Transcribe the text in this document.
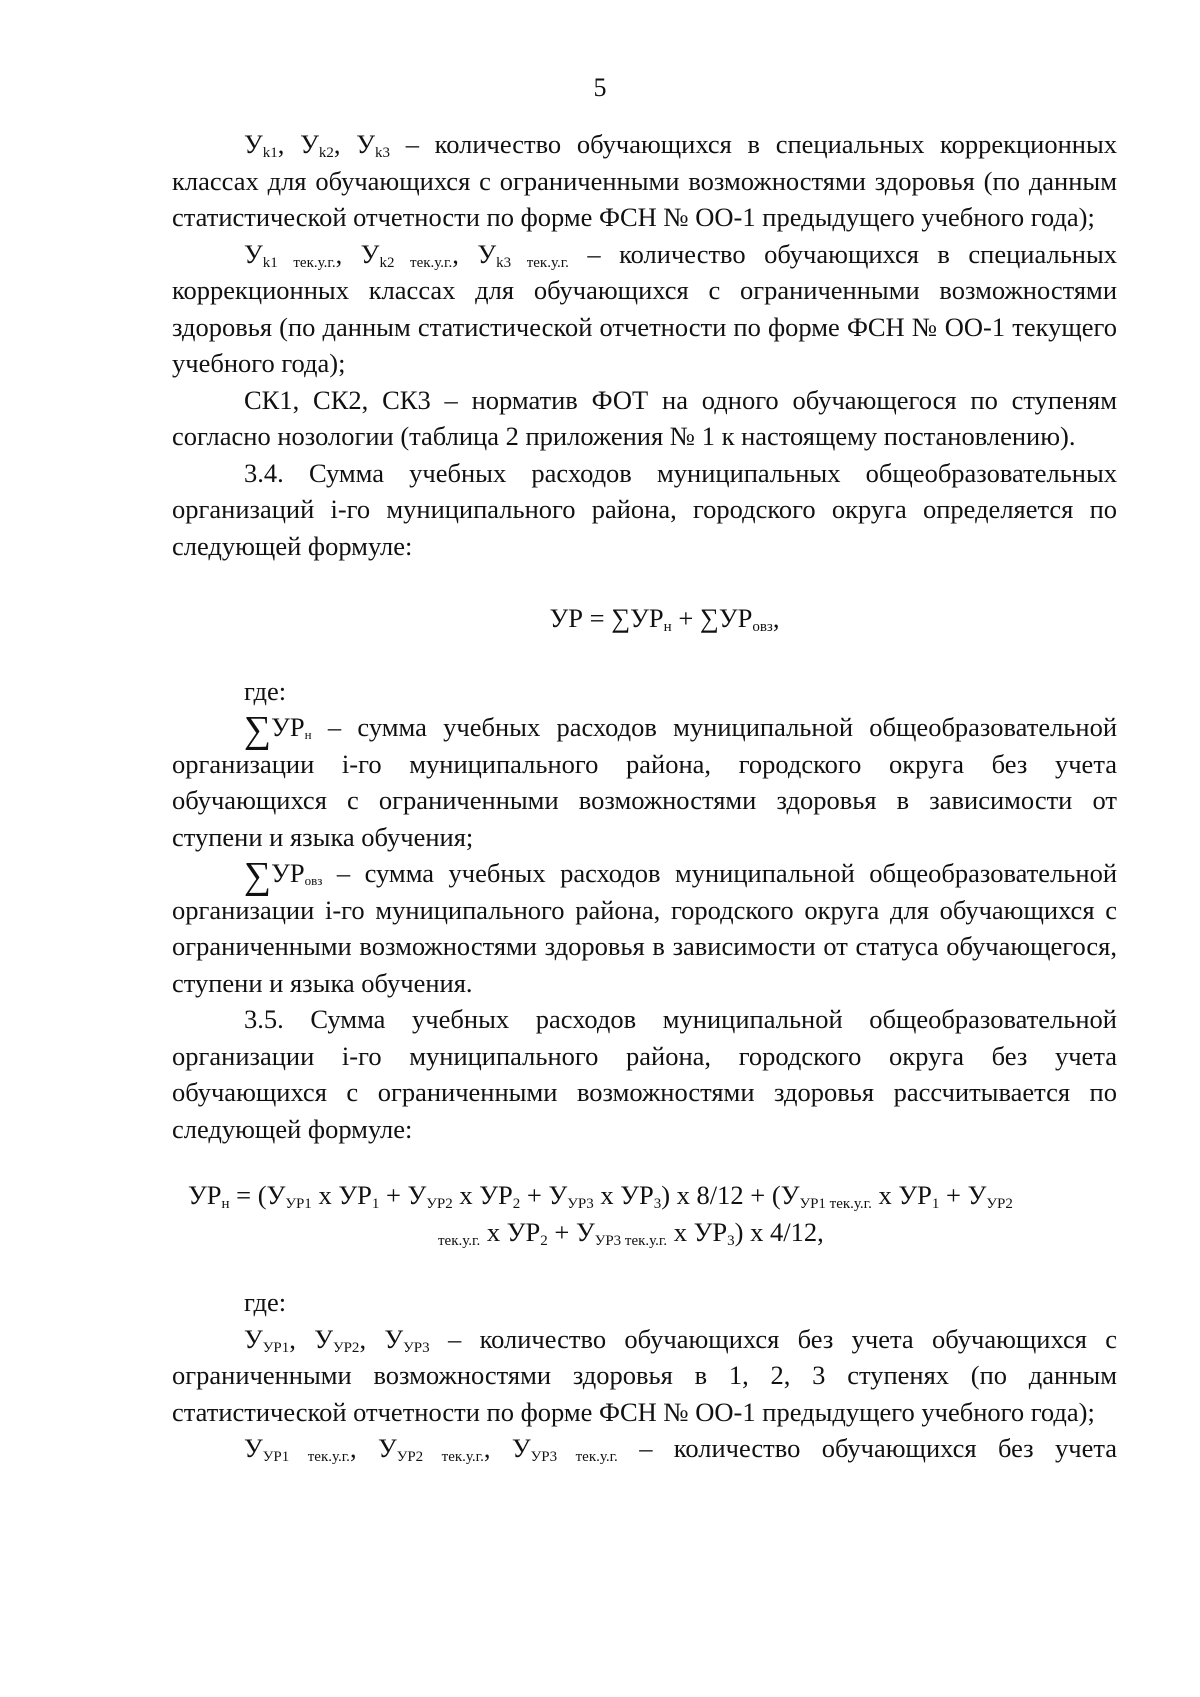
5

$У_{k1}$, $У_{k2}$, $У_{k3}$ – количество обучающихся в специальных коррекционных классах для обучающихся с ограниченными возможностями здоровья (по данным статистической отчетности по форме ФСН № ОО-1 предыдущего учебного года);

$У_{k1 тек.у.г.}$, $У_{k2 тек.у.г.}$, $У_{k3 тек.у.г.}$ – количество обучающихся в специальных коррекционных классах для обучающихся с ограниченными возможностями здоровья (по данным статистической отчетности по форме ФСН № ОО-1 текущего учебного года);

СК1, СК2, СК3 – норматив ФОТ на одного обучающегося по ступеням согласно нозологии (таблица 2 приложения № 1 к настоящему постановлению).

3.4. Сумма учебных расходов муниципальных общеобразовательных организаций i-го муниципального района, городского округа определяется по следующей формуле:

УР = $\sum УР_н + \sum УР_{овз}$,

где:

$\sum УР_н$ – сумма учебных расходов муниципальной общеобразовательной организации i-го муниципального района, городского округа без учета обучающихся с ограниченными возможностями здоровья в зависимости от ступени и языка обучения;

$\sum УР_{овз}$ – сумма учебных расходов муниципальной общеобразовательной организации i-го муниципального района, городского округа для обучающихся с ограниченными возможностями здоровья в зависимости от статуса обучающегося, ступени и языка обучения.

3.5. Сумма учебных расходов муниципальной общеобразовательной организации i-го муниципального района, городского округа без учета обучающихся с ограниченными возможностями здоровья рассчитывается по следующей формуле:

$УР_н = (У_{УР1}$ х $УР_1 + У_{УР2}$ х $УР_2 + У_{УР3}$ х $УР_3$) х $8/12 + (У_{УР1 тек.у.г.}$ х $УР_1 + У_{УР2}$
$_{тек.у.г.}$ х $УР_2 + У_{УР3 тек.у.г.}$ х $УР_3$) х 4/12,

где:

$У_{УР1}$, $У_{УР2}$, $У_{УР3}$ – количество обучающихся без учета обучающихся с ограниченными возможностями здоровья в 1, 2, 3 ступенях (по данным статистической отчетности по форме ФСН № ОО-1 предыдущего учебного года);

$У_{УР1 тек.у.г.}$, $У_{УР2 тек.у.г.}$, $У_{УР3 тек.у.г.}$ – количество обучающихся без учета
